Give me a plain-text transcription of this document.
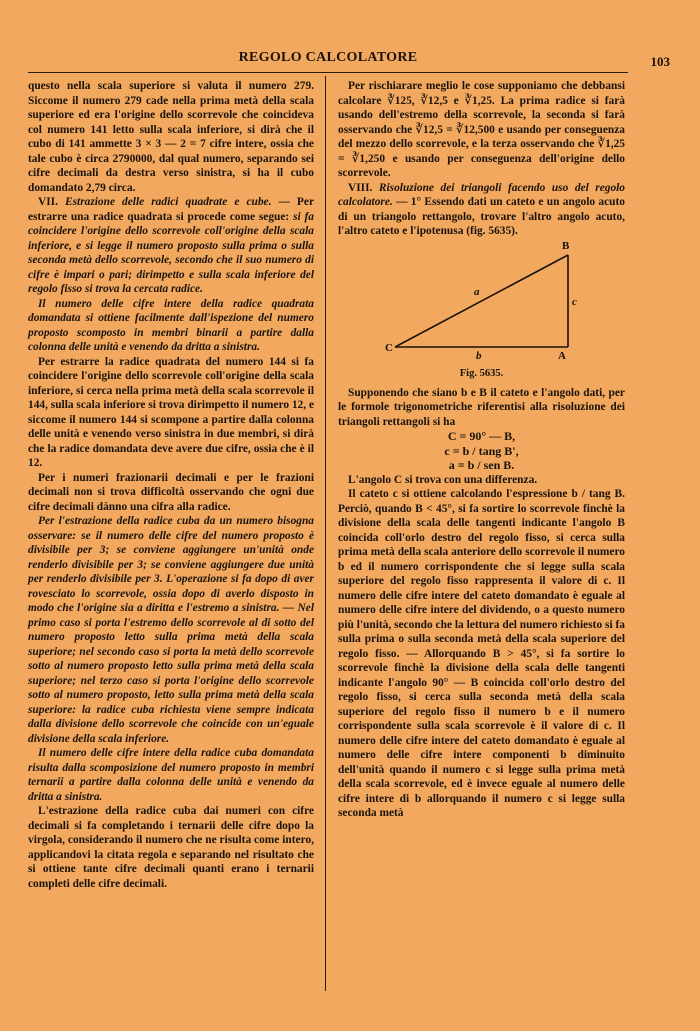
REGOLO CALCOLATORE	103

questo nella scala superiore si valuta il numero 279. Siccome il numero 279 cade nella prima metà della scala superiore ed era l'origine dello scorrevole che coincideva col numero 141 letto sulla scala inferiore, si dirà che il cubo di 141 ammette 3 × 3 — 2 = 7 cifre intere, ossia che tale cubo è circa 2790000, dal qual numero, separando sei cifre decimali da destra verso sinistra, si ha il cubo domandato 2,79 circa.

VII. Estrazione delle radici quadrate e cube. — Per estrarre una radice quadrata si procede come segue: si fa coincidere l'origine dello scorrevole coll'origine della scala inferiore, e si legge il numero proposto sulla prima o sulla seconda metà dello scorrevole, secondo che il suo numero di cifre è impari o pari; dirimpetto e sulla scala inferiore del regolo fisso si trova la cercata radice.

Il numero delle cifre intere della radice quadrata domandata si ottiene facilmente dall'ispezione del numero proposto scomposto in membri binarii a partire dalla colonna delle unità e venendo da dritta a sinistra.

Per estrarre la radice quadrata del numero 144 si fa coincidere l'origine dello scorrevole coll'origine della scala inferiore, si cerca nella prima metà della scala scorrevole il 144, sulla scala inferiore si trova dirimpetto il numero 12, e siccome il numero 144 si scompone a partire dalla colonna delle unità e venendo verso sinistra in due membri, si dirà che la radice domandata deve avere due cifre, ossia che è il 12.

Per i numeri frazionarii decimali e per le frazioni decimali non si trova difficoltà osservando che ogni due cifre decimali dànno una cifra alla radice.

Per l'estrazione della radice cuba da un numero bisogna osservare: se il numero delle cifre del numero proposto è divisibile per 3; se conviene aggiungere un'unità onde renderlo divisibile per 3; se conviene aggiungere due unità per renderlo divisibile per 3. L'operazione si fa dopo di aver rovesciato lo scorrevole, ossia dopo di averlo disposto in modo che l'origine sia a diritta e l'estremo a sinistra. — Nel primo caso si porta l'estremo dello scorrevole al di sotto del numero proposto letto sulla prima metà della scala superiore; nel secondo caso si porta la metà dello scorrevole sotto al numero proposto letto sulla prima metà della scala superiore; nel terzo caso si porta l'origine dello scorrevole sotto al numero proposto, letto sulla prima metà della scala superiore: la radice cuba richiesta viene sempre indicata dalla divisione dello scorrevole che coincide con un'eguale divisione della scala inferiore.

Il numero delle cifre intere della radice cuba domandata risulta dalla scomposizione del numero proposto in membri ternarii a partire dalla colonna delle unità e venendo da dritta a sinistra.

L'estrazione della radice cuba dai numeri con cifre decimali si fa completando i ternarii delle cifre dopo la virgola, considerando il numero che ne risulta come intero, applicandovi la citata regola e separando nel risultato che si ottiene tante cifre decimali quanti erano i ternarii completi delle cifre decimali.

Per rischiarare meglio le cose supponiamo che debbansi calcolare ∛125, ∛12,5 e ∛1,25. La prima radice si farà usando dell'estremo della scorrevole, la seconda si farà osservando che ∛12,5 = ∛12,500 e usando per conseguenza del mezzo dello scorrevole, e la terza osservando che ∛1,25 = ∛1,250 e usando per conseguenza dell'origine dello scorrevole.

VIII. Risoluzione dei triangoli facendo uso del regolo calcolatore. — 1° Essendo dati un cateto e un angolo acuto di un triangolo rettangolo, trovare l'altro angolo acuto, l'altro cateto e l'ipotenusa (fig. 5635).

B
C
A
a
b
c
Fig. 5635.

Supponendo che siano b e B il cateto e l'angolo dati, per le formole trigonometriche riferentisi alla risoluzione dei triangoli rettangoli si ha

C = 90° — B,

c = b / tang B',

a = b / sen B.

L'angolo C si trova con una differenza.

Il cateto c si ottiene calcolando l'espressione b / tang B. Perciò, quando B < 45°, si fa sortire lo scorrevole finchè la divisione della scala delle tangenti indicante l'angolo B coincida coll'orlo destro del regolo fisso, si cerca sulla prima metà della scala anteriore dello scorrevole il numero b ed il numero corrispondente che si legge sulla scala superiore del regolo fisso rappresenta il valore di c. Il numero delle cifre intere del cateto domandato è eguale al numero delle cifre intere del dividendo, o a questo numero più l'unità, secondo che la lettura del numero richiesto si fa sulla prima o sulla seconda metà della scala superiore del regolo fisso. — Allorquando B > 45°, si fa sortire lo scorrevole finchè la divisione della scala delle tangenti indicante l'angolo 90° — B coincida coll'orlo destro del regolo fisso, si cerca sulla seconda metà della scala superiore del regolo fisso il numero b e il numero corrispondente sulla scala scorrevole è il valore di c. Il numero delle cifre intere del cateto domandato è eguale al numero delle cifre intere componenti b diminuito dell'unità quando il numero c si legge sulla prima metà della scala scorrevole, ed è invece eguale al numero delle cifre intere di b allorquando il numero c si legge sulla seconda metà
